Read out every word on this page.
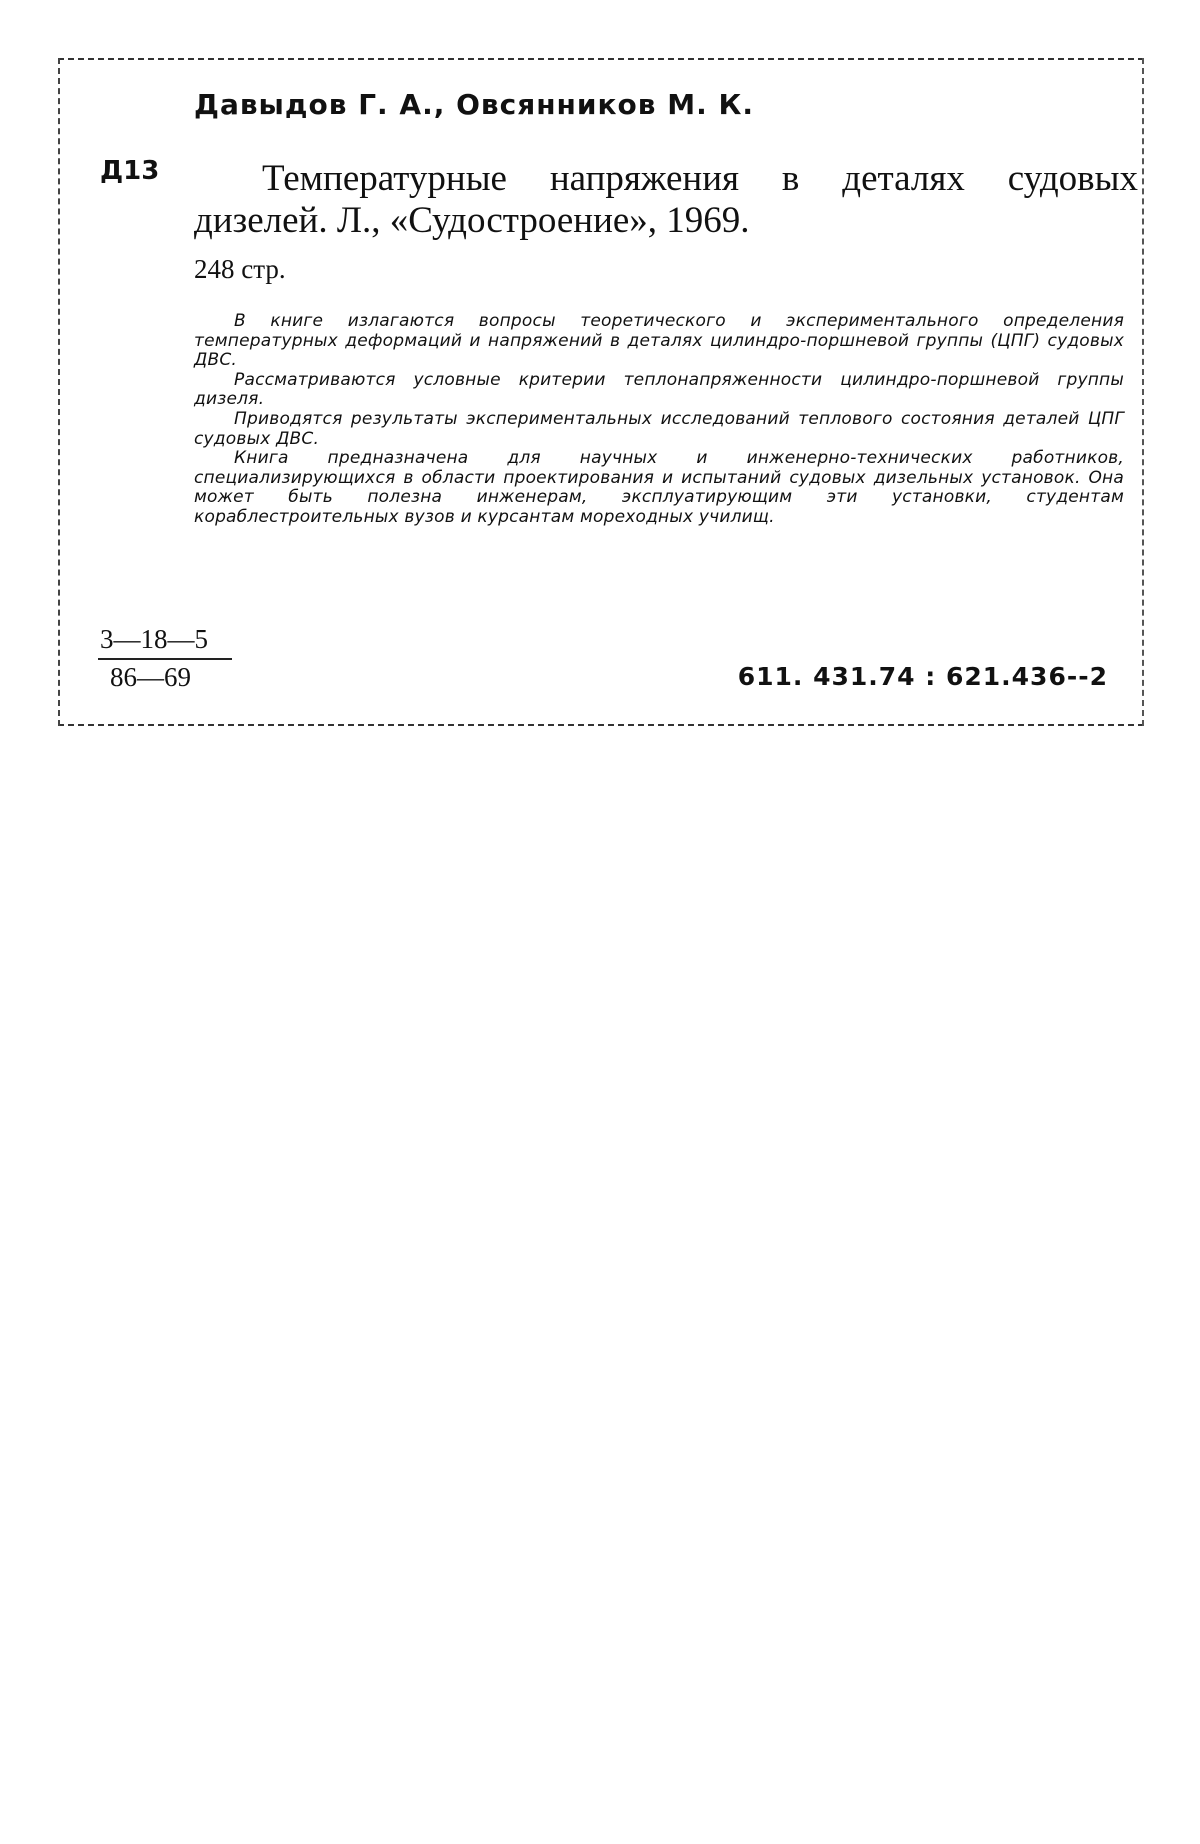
Давыдов Г. А., Овсянников М. К.
Д13	Температурные напряжения в деталях судовых дизелей. Л., «Судостроение», 1969.
248 стр.

В книге излагаются вопросы теоретического и экспериментального определения температурных деформаций и напряжений в деталях цилиндро-поршневой группы (ЦПГ) судовых ДВС.

Рассматриваются условные критерии теплонапряженности цилиндро-поршневой группы дизеля.

Приводятся результаты экспериментальных исследований теплового состояния деталей ЦПГ судовых ДВС.

Книга предназначена для научных и инженерно-технических работников, специализирующихся в области проектирования и испытаний судовых дизельных установок. Она может быть полезна инженерам, эксплуатирующим эти установки, студентам кораблестроительных вузов и курсантам мореходных училищ.

3—18—5
86—69	611. 431.74 : 621.436--2
